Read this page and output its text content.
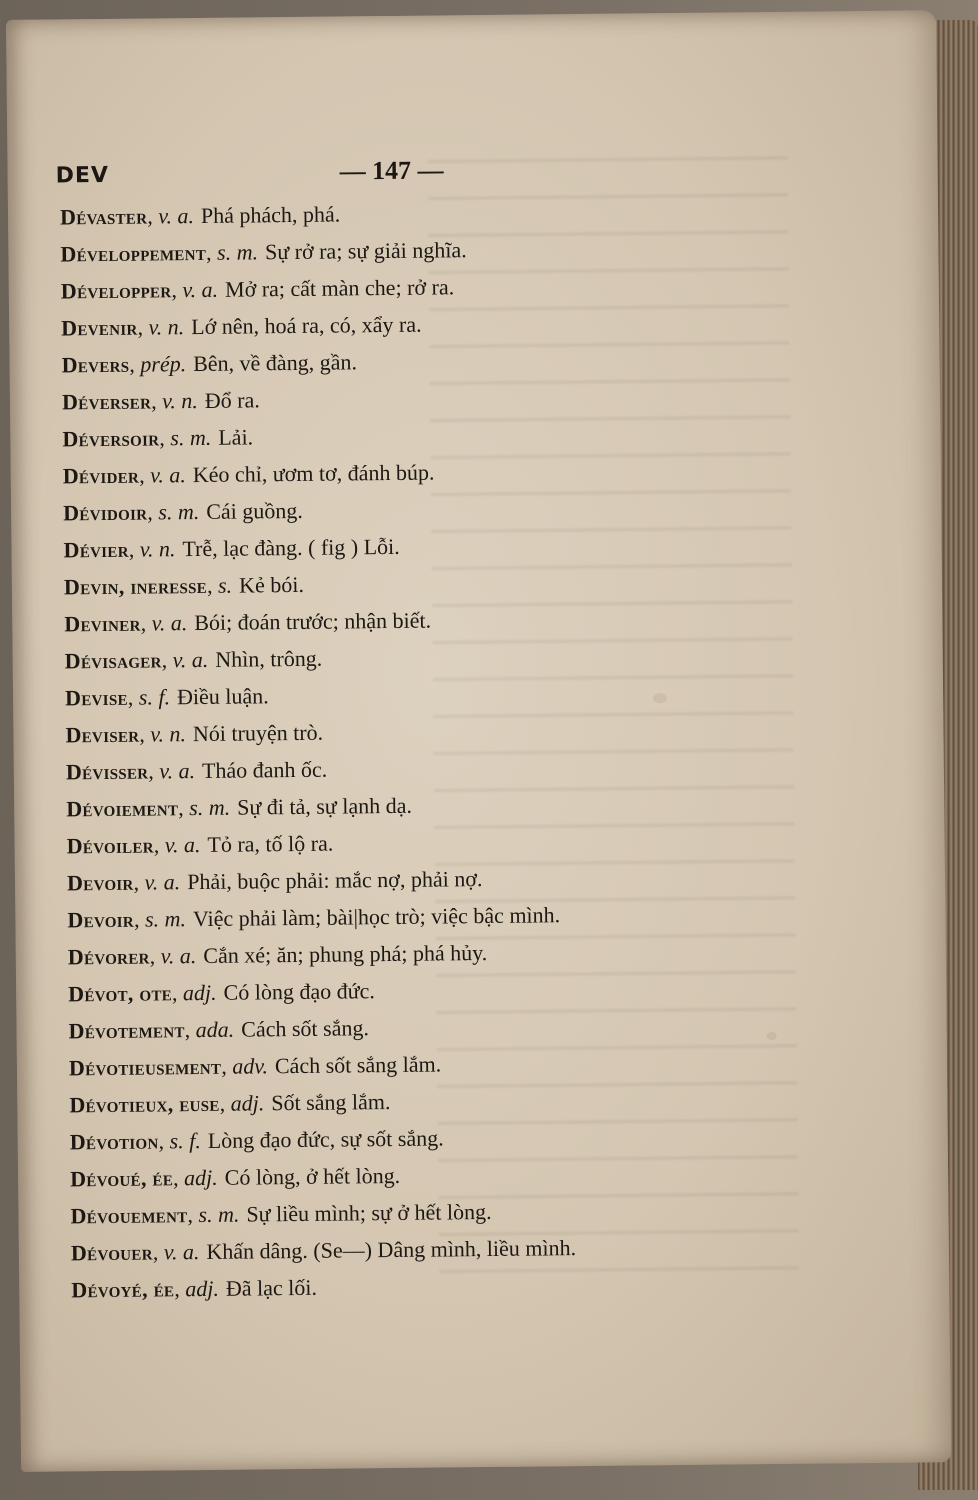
DEV	— 147 —
Dévaster , v. a. Phá phách, phá.
Développement , s. m. Sự rở ra; sự giải nghĩa.
Développer , v. a. Mở ra; cất màn che; rở ra.
Devenir , v. n. Lớ nên, hoá ra, có, xẩy ra.
Devers , prép. Bên, về đàng, gần.
Déverser , v. n. Đổ ra.
Déversoir , s. m. Lải.
Dévider , v. a. Kéo chỉ, ươm tơ, đánh búp.
Dévidoir , s. m. Cái guồng.
Dévier , v. n. Trễ, lạc đàng. ( fig ) Lỗi.
Devin, ineresse , s. Kẻ bói.
Deviner , v. a. Bói; đoán trước; nhận biết.
Dévisager , v. a. Nhìn, trông.
Devise , s. f. Điều luận.
Deviser , v. n. Nói truyện trò.
Dévisser , v. a. Tháo đanh ốc.
Dévoiement , s. m. Sự đi tả, sự lạnh dạ.
Dévoiler , v. a. Tỏ ra, tố lộ ra.
Devoir , v. a. Phải, buộc phải: mắc nợ, phải nợ.
Devoir , s. m. Việc phải làm; bài|học trò; việc bậc mình.
Dévorer , v. a. Cắn xé; ăn; phung phá; phá hủy.
Dévot, ote , adj. Có lòng đạo đức.
Dévotement , ada. Cách sốt sắng.
Dévotieusement , adv. Cách sốt sắng lắm.
Dévotieux, euse , adj. Sốt sắng lắm.
Dévotion , s. f. Lòng đạo đức, sự sốt sắng.
Dévoué, ée , adj. Có lòng, ở hết lòng.
Dévouement , s. m. Sự liều mình; sự ở hết lòng.
Dévouer , v. a. Khấn dâng. (Se—) Dâng mình, liều mình.
Dévoyé, ée , adj. Đã lạc lối.
